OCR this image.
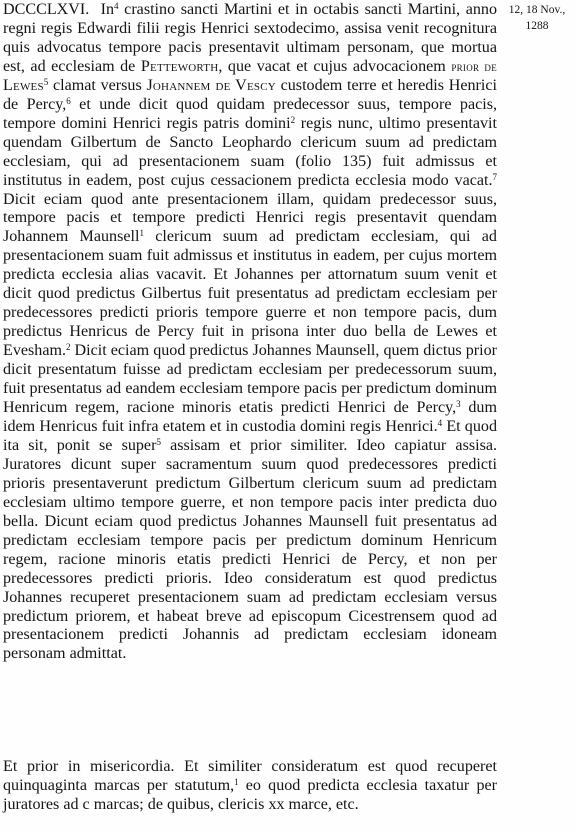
12, 18 Nov.,
1288

DCCCLXVI. In$^4$ crastino sancti Martini et in octabis sancti Martini, anno regni regis Edwardi filii regis Henrici sextodecimo, assisa venit recognitura quis advocatus tempore pacis presentavit ultimam personam, que mortua est, ad ecclesiam de Petteworth, que vacat et cujus advocacionem prior de Lewes$^5$ clamat versus Johannem de Vescy custodem terre et heredis Henrici de Percy,$^6$ et unde dicit quod quidam predecessor suus, tempore pacis, tempore domini Henrici regis patris domini$^2$ regis nunc, ultimo presentavit quendam Gilbertum de Sancto Leophardo clericum suum ad predictam ecclesiam, qui ad presentacionem suam (folio 135) fuit admissus et institutus in eadem, post cujus cessacionem predicta ecclesia modo vacat.$^7$ Dicit eciam quod ante presentacionem illam, quidam predecessor suus, tempore pacis et tempore predicti Henrici regis presentavit quendam Johannem Maunsell$^1$ clericum suum ad predictam ecclesiam, qui ad presentacionem suam fuit admissus et institutus in eadem, per cujus mortem predicta ecclesia alias vacavit. Et Johannes per attornatum suum venit et dicit quod predictus Gilbertus fuit presentatus ad predictam ecclesiam per predecessores predicti prioris tempore guerre et non tempore pacis, dum predictus Henricus de Percy fuit in prisona inter duo bella de Lewes et Evesham.$^2$ Dicit eciam quod predictus Johannes Maunsell, quem dictus prior dicit presentatum fuisse ad predictam ecclesiam per predecessorum suum, fuit presentatus ad eandem ecclesiam tempore pacis per predictum dominum Henricum regem, racione minoris etatis predicti Henrici de Percy,$^3$ dum idem Henricus fuit infra etatem et in custodia domini regis Henrici.$^4$ Et quod ita sit, ponit se super$^5$ assisam et prior similiter. Ideo capiatur assisa. Juratores dicunt super sacramentum suum quod predecessores predicti prioris presentaverunt predictum Gilbertum clericum suum ad predictam ecclesiam ultimo tempore guerre, et non tempore pacis inter predicta duo bella. Dicunt eciam quod predictus Johannes Maunsell fuit presentatus ad predictam ecclesiam tempore pacis per predictum dominum Henricum regem, racione minoris etatis predicti Henrici de Percy, et non per predecessores predicti prioris. Ideo consideratum est quod predictus Johannes recuperet presentacionem suam ad predictam ecclesiam versus predictum priorem, et habeat breve ad episcopum Cicestrensem quod ad presentacionem predicti Johannis ad predictam ecclesiam idoneam personam admittat.

Et prior in misericordia. Et similiter consideratum est quod recuperet quinquaginta marcas per statutum,$^1$ eo quod predicta ecclesia taxatur per juratores ad c marcas; de quibus, clericis xx marce, etc.
